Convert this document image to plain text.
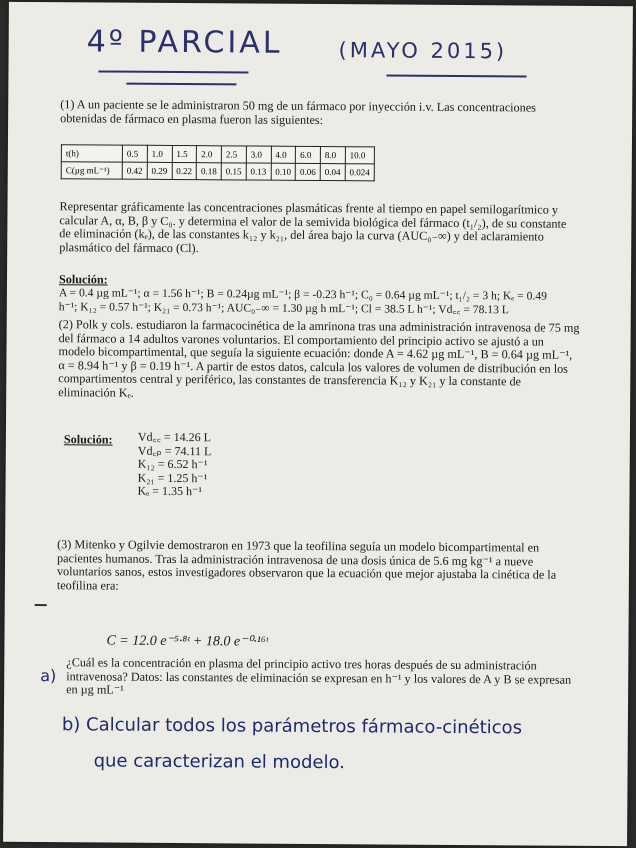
4º PARCIAL	(MAYO 2015)
(1) A un paciente se le administraron 50 mg de un fármaco por inyección i.v. Las concentraciones obtenidas de fármaco en plasma fueron las siguientes:
t(h)	0.5	1.0	1.5	2.0	2.5	3.0	4.0	6.0	8.0	10.0
C(µg mL⁻¹)	0.42	0.29	0.22	0.18	0.15	0.13	0.10	0.06	0.04	0.024
Representar gráficamente las concentraciones plasmáticas frente al tiempo en papel semilogarítmico y calcular A, α, B, β y C₀. y determina el valor de la semivida biológica del fármaco (t₁/₂), de su constante de eliminación (kₑ), de las constantes k₁₂ y k₂₁, del área bajo la curva (AUC₀₋∞) y del aclaramiento plasmático del fármaco (Cl).
Solución:
A = 0.4 µg mL⁻¹; α = 1.56 h⁻¹; B = 0.24µg mL⁻¹; β = -0.23 h⁻¹; C₀ = 0.64 µg mL⁻¹; t₁/₂ = 3 h; Kₑ = 0.49
h⁻¹; K₁₂ = 0.57 h⁻¹; K₂₁ = 0.73 h⁻¹; AUC₀₋∞ = 1.30 µg h mL⁻¹; Cl = 38.5 L h⁻¹; Vd꜀꜀ = 78.13 L
(2) Polk y cols. estudiaron la farmacocinética de la amrinona tras una administración intravenosa de 75 mg del fármaco a 14 adultos varones voluntarios. El comportamiento del principio activo se ajustó a un modelo bicompartimental, que seguía la siguiente ecuación: donde A = 4.62 µg mL⁻¹, B = 0.64 µg mL⁻¹, α = 8.94 h⁻¹ y β = 0.19 h⁻¹. A partir de estos datos, calcula los valores de volumen de distribución en los compartimentos central y periférico, las constantes de transferencia K₁₂ y K₂₁ y la constante de eliminación Kₑ.
Solución: Vd꜀꜀ = 14.26 L
Vd꜀ₚ = 74.11 L
K₁₂ = 6.52 h⁻¹
K₂₁ = 1.25 h⁻¹
Kₑ = 1.35 h⁻¹
(3) Mitenko y Ogilvie demostraron en 1973 que la teofilina seguía un modelo bicompartimental en pacientes humanos. Tras la administración intravenosa de una dosis única de 5.6 mg kg⁻¹ a nueve voluntarios sanos, estos investigadores observaron que la ecuación que mejor ajustaba la cinética de la teofilina era:
C = 12.0 e⁻⁵·⁸ᵗ + 18.0 e⁻⁰·¹⁶ᵗ
a)
¿Cuál es la concentración en plasma del principio activo tres horas después de su administración intravenosa? Datos: las constantes de eliminación se expresan en h⁻¹ y los valores de A y B se expresan en µg mL⁻¹
b) Calcular todos los parámetros fármaco-cinéticos
que caracterizan el modelo.
